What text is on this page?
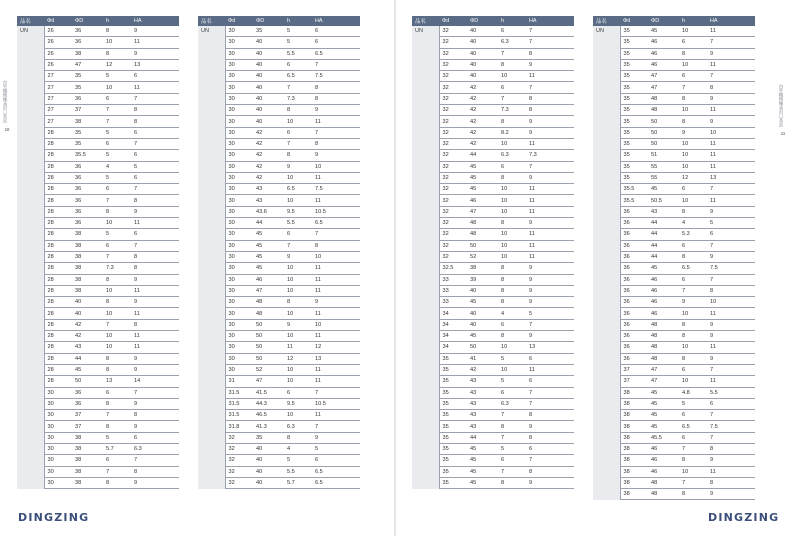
內外機械軸承封口基站
10
內外機械軸承封口基站
11
品名	Φd	ΦD	h	HA
UN	26	36	8	9
	26	36	10	11
	26	38	8	9
	26	47	12	13
	27	35	5	6
	27	35	10	11
	27	36	6	7
	27	37	7	8
	27	38	7	8
	28	35	5	6
	28	35	6	7
	28	35.5	5	6
	28	36	4	5
	28	36	5	6
	28	36	6	7
	28	36	7	8
	28	36	8	9
	28	36	10	11
	28	38	5	6
	28	38	6	7
	28	38	7	8
	28	38	7.3	8
	28	38	8	9
	28	38	10	11
	28	40	8	9
	28	40	10	11
	28	42	7	8
	28	42	10	11
	28	43	10	11
	28	44	8	9
	28	45	8	9
	28	50	13	14
	30	36	6	7
	30	36	8	9
	30	37	7	8
	30	37	8	9
	30	38	5	6
	30	38	5.7	6.3
	30	38	6	7
	30	38	7	8
	30	38	8	9
品名	Φd	ΦD	h	HA
UN	30	35	5	6
	30	40	5	6
	30	40	5.5	6.5
	30	40	6	7
	30	40	6.5	7.5
	30	40	7	8
	30	40	7.3	8
	30	40	8	9
	30	40	10	11
	30	42	6	7
	30	42	7	8
	30	42	8	9
	30	42	9	10
	30	42	10	11
	30	43	6.5	7.5
	30	43	10	11
	30	43.6	9.5	10.5
	30	44	5.5	6.5
	30	45	6	7
	30	45	7	8
	30	45	9	10
	30	45	10	11
	30	46	10	11
	30	47	10	11
	30	48	8	9
	30	48	10	11
	30	50	9	10
	30	50	10	11
	30	50	11	12
	30	50	12	13
	30	52	10	11
	31	47	10	11
	31.5	41.5	6	7
	31.5	44.3	9.5	10.5
	31.5	46.5	10	11
	31.8	41.3	6.3	7
	32	35	8	9
	32	40	4	5
	32	40	5	6
	32	40	5.5	6.5
	32	40	5.7	6.5
品名	Φd	ΦD	h	HA
UN	32	40	6	7
	32	40	6.3	7
	32	40	7	8
	32	40	8	9
	32	40	10	11
	32	42	6	7
	32	42	7	8
	32	42	7.3	8
	32	42	8	9
	32	42	8.2	9
	32	42	10	11
	32	44	6.3	7.3
	32	45	6	7
	32	45	8	9
	32	45	10	11
	32	46	10	11
	32	47	10	11
	32	48	8	9
	32	48	10	11
	32	50	10	11
	32	52	10	11
	32.5	38	8	9
	33	39	8	9
	33	40	8	9
	33	45	8	9
	34	40	4	5
	34	40	6	7
	34	45	8	9
	34	50	10	13
	35	41	5	6
	35	42	10	11
	35	43	5	6
	35	43	6	7
	35	43	6.3	7
	35	43	7	8
	35	43	8	9
	35	44	7	8
	35	45	5	6
	35	45	6	7
	35	45	7	8
	35	45	8	9
品名	Φd	ΦD	h	HA
UN	35	45	10	11
	35	46	6	7
	35	46	8	9
	35	46	10	11
	35	47	6	7
	35	47	7	8
	35	48	8	9
	35	48	10	11
	35	50	8	9
	35	50	9	10
	35	50	10	11
	35	51	10	11
	35	55	10	11
	35	55	12	13
	35.5	45	6	7
	35.5	50.5	10	11
	36	43	8	9
	36	44	4	5
	36	44	5.3	6
	36	44	6	7
	36	44	8	9
	36	45	6.5	7.5
	36	46	6	7
	36	46	7	8
	36	46	9	10
	36	46	10	11
	36	48	8	9
	36	48	8	9
	36	48	10	11
	36	48	8	9
	37	47	6	7
	37	47	10	11
	38	45	4.8	5.5
	38	45	5	6
	38	45	6	7
	38	45	6.5	7.5
	38	45.5	6	7
	38	46	7	8
	38	46	8	9
	38	46	10	11
	38	48	7	8
	38	48	8	9
DINGZING	DINGZING
